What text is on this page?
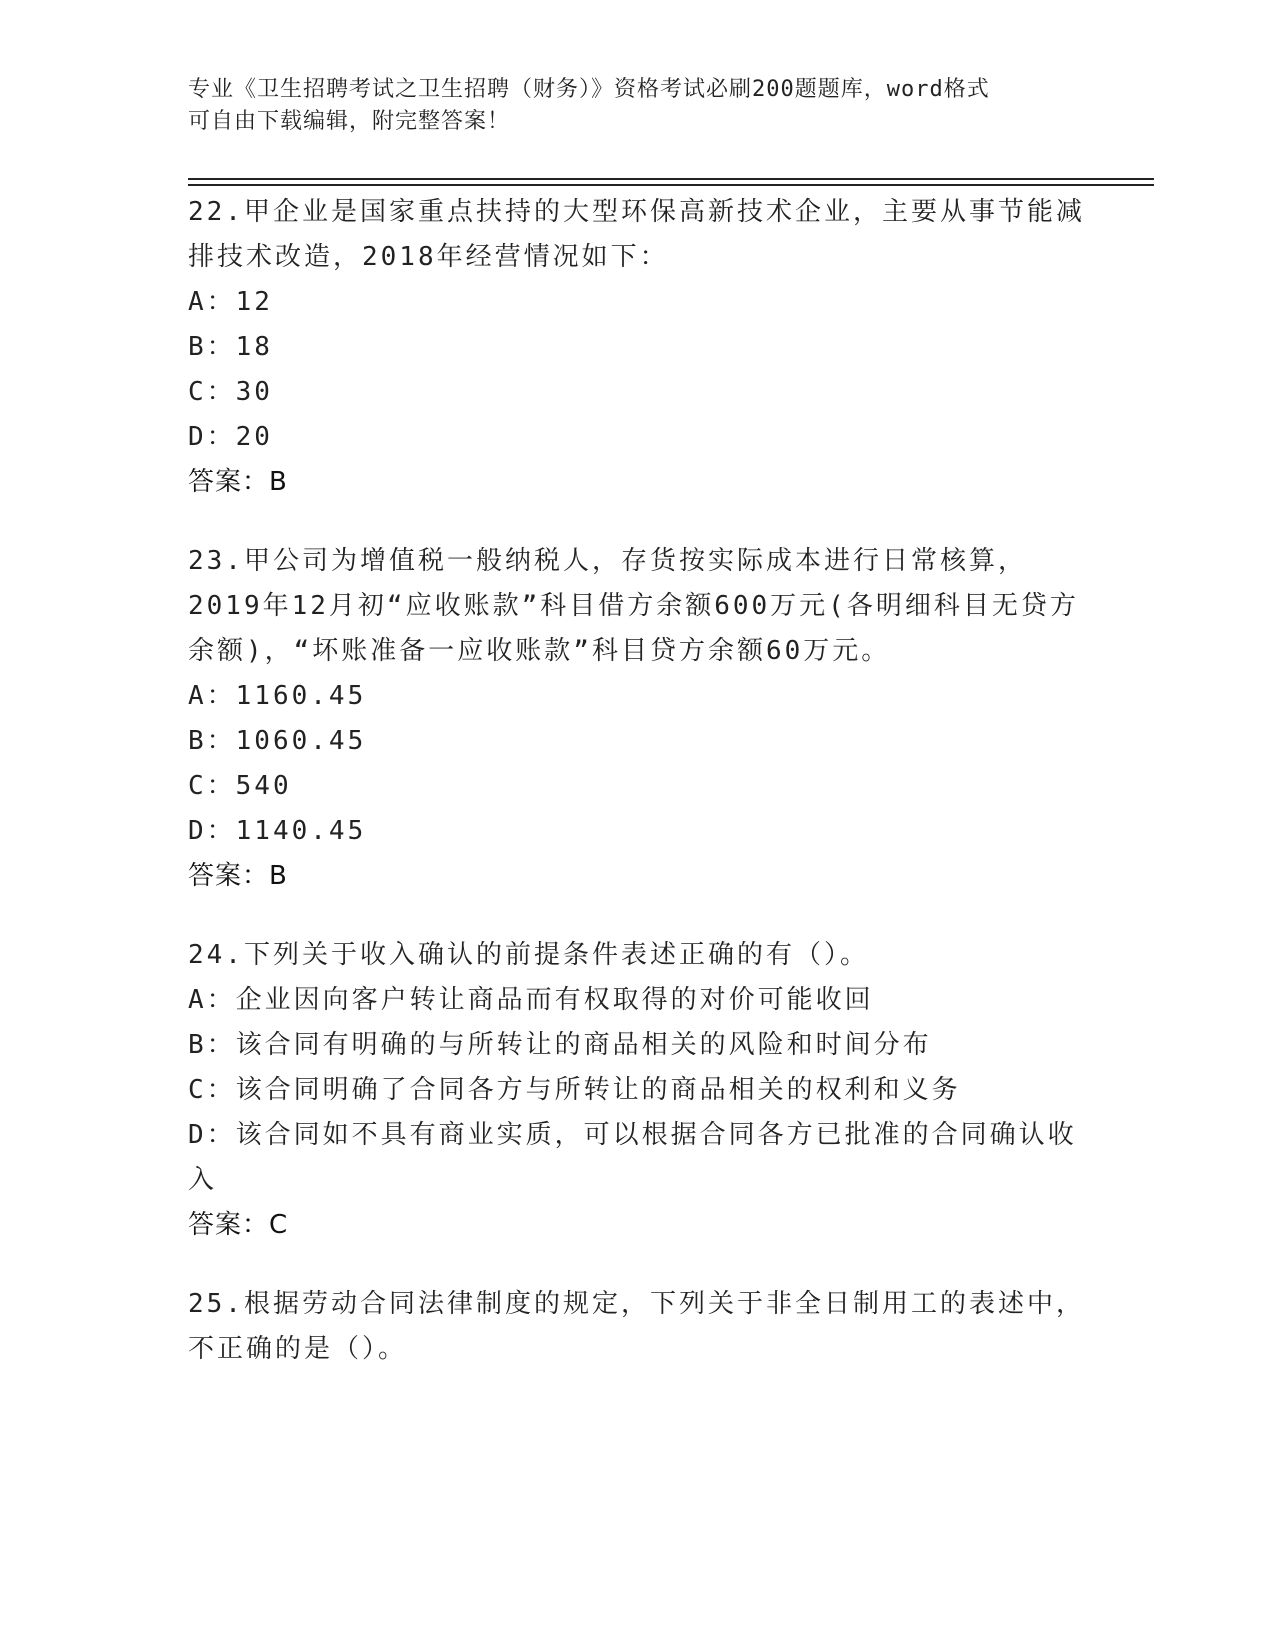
专业《卫生招聘考试之卫生招聘（财务）》资格考试必刷200题题库，word格式
可自由下载编辑，附完整答案！
22.甲企业是国家重点扶持的大型环保高新技术企业，主要从事节能减排技术改造，2018年经营情况如下：
A：12
B：18
C：30
D：20
答案：B
23.甲公司为增值税一般纳税人，存货按实际成本进行日常核算，2019年12月初“应收账款”科目借方余额600万元(各明细科目无贷方余额)，“坏账准备一应收账款”科目贷方余额60万元。
A：1160.45
B：1060.45
C：540
D：1140.45
答案：B
24.下列关于收入确认的前提条件表述正确的有（）。
A：企业因向客户转让商品而有权取得的对价可能收回
B：该合同有明确的与所转让的商品相关的风险和时间分布
C：该合同明确了合同各方与所转让的商品相关的权利和义务
D：该合同如不具有商业实质，可以根据合同各方已批准的合同确认收入
答案：C
25.根据劳动合同法律制度的规定，下列关于非全日制用工的表述中，不正确的是（）。
